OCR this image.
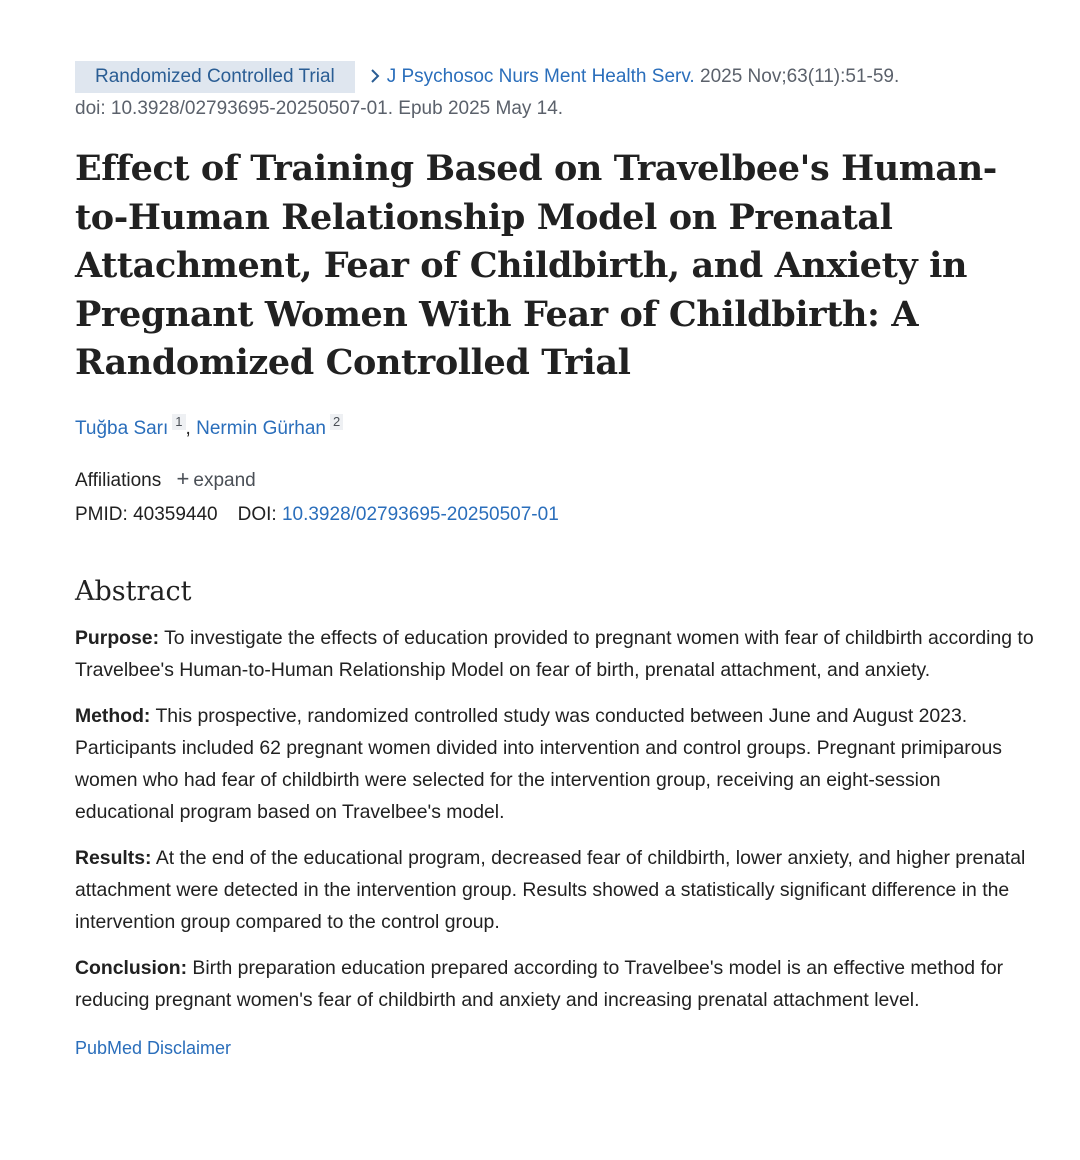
Randomized Controlled Trial	J Psychosoc Nurs Ment Health Serv. 2025 Nov;63(11):51-59.
doi: 10.3928/02793695-20250507-01. Epub 2025 May 14.
Effect of Training Based on Travelbee's Human-to-Human Relationship Model on Prenatal Attachment, Fear of Childbirth, and Anxiety in Pregnant Women With Fear of Childbirth: A Randomized Controlled Trial
Tuğba Sarı 1 , Nermin Gürhan 2
Affiliations + expand
PMID: 40359440 DOI: 10.3928/02793695-20250507-01
Abstract

Purpose: To investigate the effects of education provided to pregnant women with fear of childbirth according to Travelbee's Human-to-Human Relationship Model on fear of birth, prenatal attachment, and anxiety.

Method: This prospective, randomized controlled study was conducted between June and August 2023. Participants included 62 pregnant women divided into intervention and control groups. Pregnant primiparous women who had fear of childbirth were selected for the intervention group, receiving an eight-session educational program based on Travelbee's model.

Results: At the end of the educational program, decreased fear of childbirth, lower anxiety, and higher prenatal attachment were detected in the intervention group. Results showed a statistically significant difference in the intervention group compared to the control group.

Conclusion: Birth preparation education prepared according to Travelbee's model is an effective method for reducing pregnant women's fear of childbirth and anxiety and increasing prenatal attachment level.

PubMed Disclaimer
